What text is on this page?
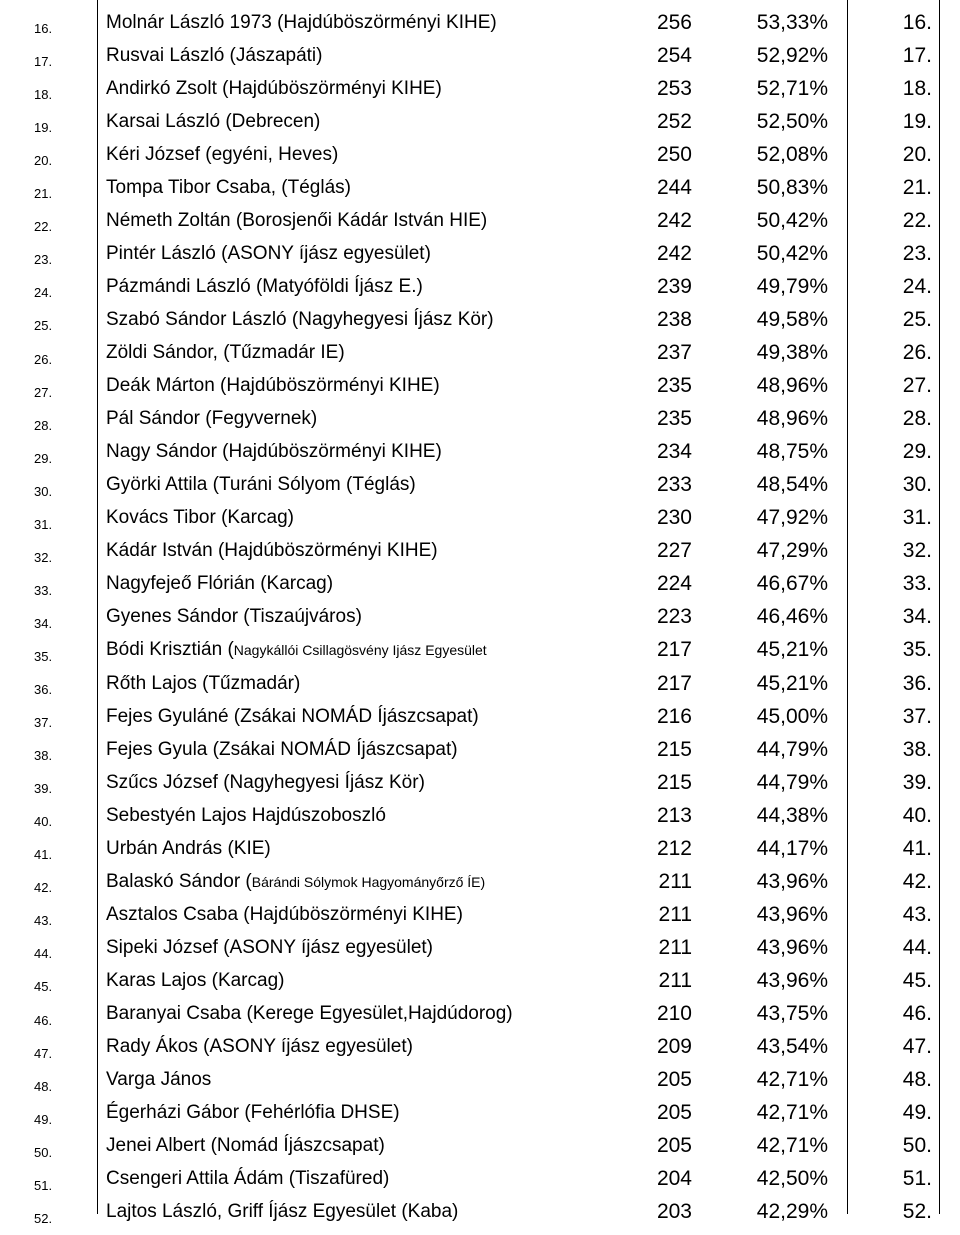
16.	Molnár László 1973 (Hajdúböszörményi KIHE)	256	53,33%	16.
17.	Rusvai László (Jászapáti)	254	52,92%	17.
18.	Andirkó Zsolt (Hajdúböszörményi KIHE)	253	52,71%	18.
19.	Karsai László (Debrecen)	252	52,50%	19.
20.	Kéri József (egyéni, Heves)	250	52,08%	20.
21.	Tompa Tibor Csaba, (Téglás)	244	50,83%	21.
22.	Németh Zoltán (Borosjenői Kádár István HIE)	242	50,42%	22.
23.	Pintér László (ASONY íjász egyesület)	242	50,42%	23.
24.	Pázmándi László (Matyóföldi Íjász E.)	239	49,79%	24.
25.	Szabó Sándor László (Nagyhegyesi Íjász Kör)	238	49,58%	25.
26.	Zöldi Sándor, (Tűzmadár IE)	237	49,38%	26.
27.	Deák Márton (Hajdúböszörményi KIHE)	235	48,96%	27.
28.	Pál Sándor (Fegyvernek)	235	48,96%	28.
29.	Nagy Sándor (Hajdúböszörményi KIHE)	234	48,75%	29.
30.	Györki Attila (Turáni Sólyom (Téglás)	233	48,54%	30.
31.	Kovács Tibor (Karcag)	230	47,92%	31.
32.	Kádár István (Hajdúböszörményi KIHE)	227	47,29%	32.
33.	Nagyfejeő Flórián (Karcag)	224	46,67%	33.
34.	Gyenes Sándor (Tiszaújváros)	223	46,46%	34.
35.	Bódi Krisztián ( Nagykállói Csillagösvény Ijász Egyesület	217	45,21%	35.
36.	Rőth Lajos (Tűzmadár)	217	45,21%	36.
37.	Fejes Gyuláné (Zsákai NOMÁD Íjászcsapat)	216	45,00%	37.
38.	Fejes Gyula (Zsákai NOMÁD Íjászcsapat)	215	44,79%	38.
39.	Szűcs József (Nagyhegyesi Íjász Kör)	215	44,79%	39.
40.	Sebestyén Lajos Hajdúszoboszló	213	44,38%	40.
41.	Urbán András (KIE)	212	44,17%	41.
42.	Balaskó Sándor ( Bárándi Sólymok Hagyományőrző ÍE)	211	43,96%	42.
43.	Asztalos Csaba (Hajdúböszörményi KIHE)	211	43,96%	43.
44.	Sipeki József (ASONY íjász egyesület)	211	43,96%	44.
45.	Karas Lajos (Karcag)	211	43,96%	45.
46.	Baranyai Csaba (Kerege Egyesület,Hajdúdorog)	210	43,75%	46.
47.	Rady Ákos (ASONY íjász egyesület)	209	43,54%	47.
48.	Varga János	205	42,71%	48.
49.	Égerházi Gábor (Fehérlófia DHSE)	205	42,71%	49.
50.	Jenei Albert (Nomád Íjászcsapat)	205	42,71%	50.
51.	Csengeri Attila Ádám (Tiszafüred)	204	42,50%	51.
52.	Lajtos László, Griff Íjász Egyesület (Kaba)	203	42,29%	52.
